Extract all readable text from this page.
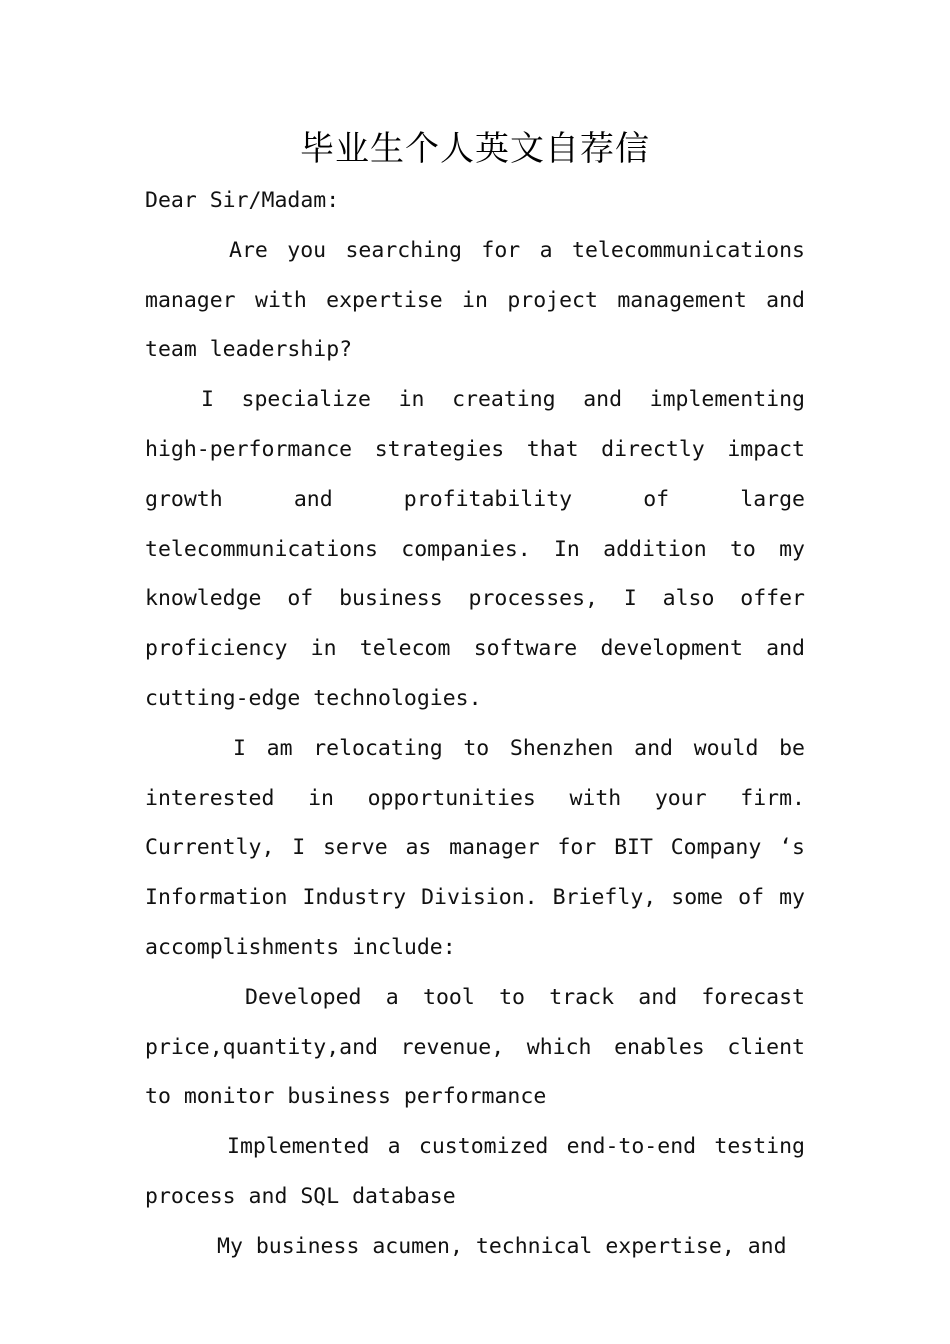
毕业生个人英文自荐信

Dear Sir/Madam:

Are you searching for a telecommunications manager with expertise in project management and team leadership?

I specialize in creating and implementing high-performance strategies that directly impact growth and profitability of large telecommunications companies. In addition to my knowledge of business processes, I also offer proficiency in telecom software development and cutting-edge technologies.

I am relocating to Shenzhen and would be interested in opportunities with your firm. Currently, I serve as manager for BIT Company ‘s Information Industry Division. Briefly, some of my accomplishments include:

Developed a tool to track and forecast price,quantity,and revenue, which enables client to monitor business performance

Implemented a customized end-to-end testing process and SQL database

My business acumen, technical expertise, and
